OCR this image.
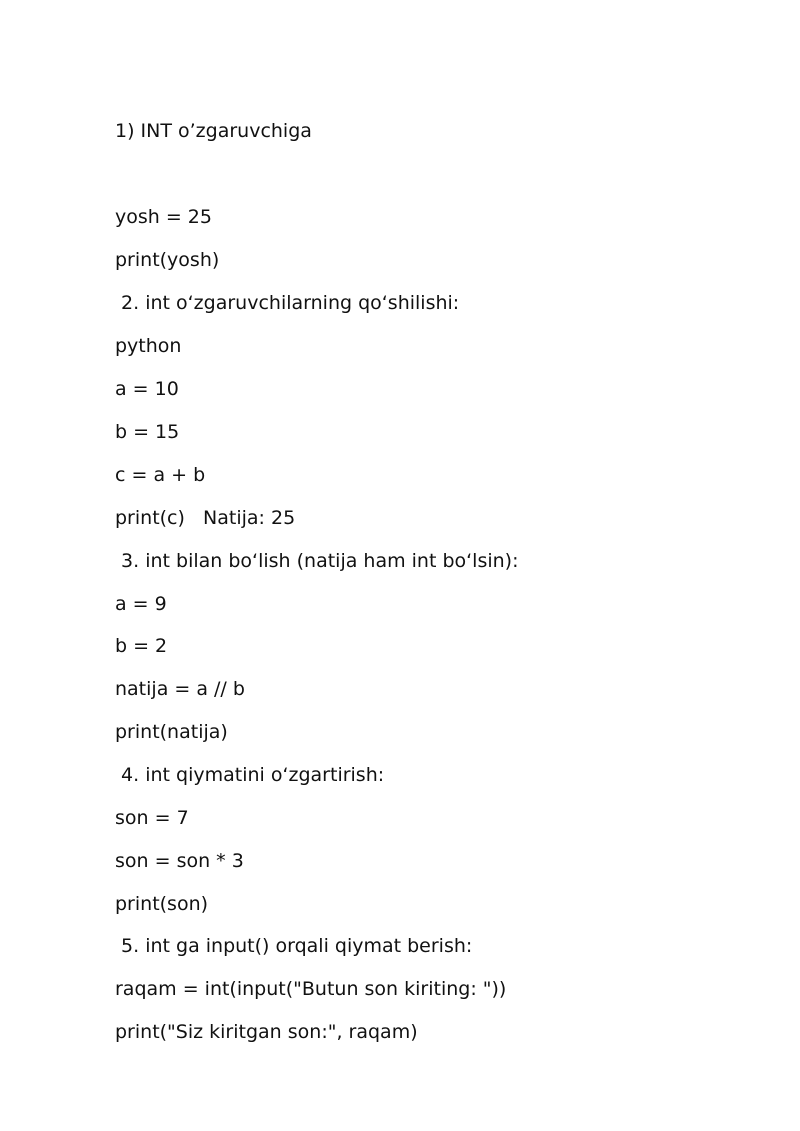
1) INT o’zgaruvchiga
yosh = 25
print(yosh)
2. int o‘zgaruvchilarning qo‘shilishi:
python
a = 10
b = 15
c = a + b
print(c)   Natija: 25
3. int bilan bo‘lish (natija ham int bo‘lsin):
a = 9
b = 2
natija = a // b
print(natija)
4. int qiymatini o‘zgartirish:
son = 7
son = son * 3
print(son)
5. int ga input() orqali qiymat berish:
raqam = int(input("Butun son kiriting: "))
print("Siz kiritgan son:", raqam)
